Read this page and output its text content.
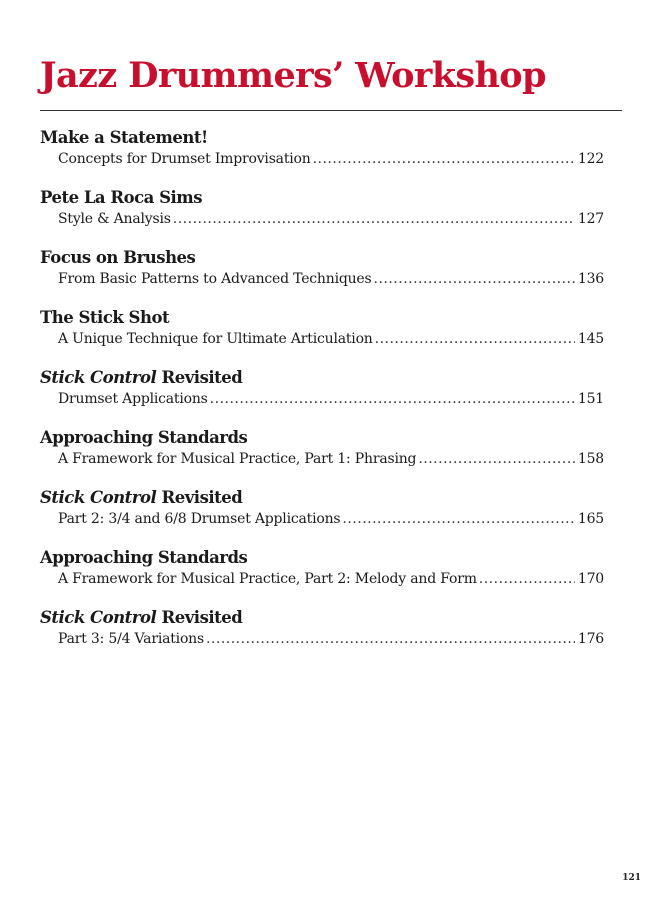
Jazz Drummers’ Workshop
Make a Statement!
Concepts for Drumset Improvisation .....	122
Pete La Roca Sims
Style & Analysis .....	127
Focus on Brushes
From Basic Patterns to Advanced Techniques .....	136
The Stick Shot
A Unique Technique for Ultimate Articulation .....	145
Stick Control Revisited
Drumset Applications .....	151
Approaching Standards
A Framework for Musical Practice, Part 1: Phrasing .....	158
Stick Control Revisited
Part 2: 3/4 and 6/8 Drumset Applications .....	165
Approaching Standards
A Framework for Musical Practice, Part 2: Melody and Form .....	170
Stick Control Revisited
Part 3: 5/4 Variations .....	176
121
